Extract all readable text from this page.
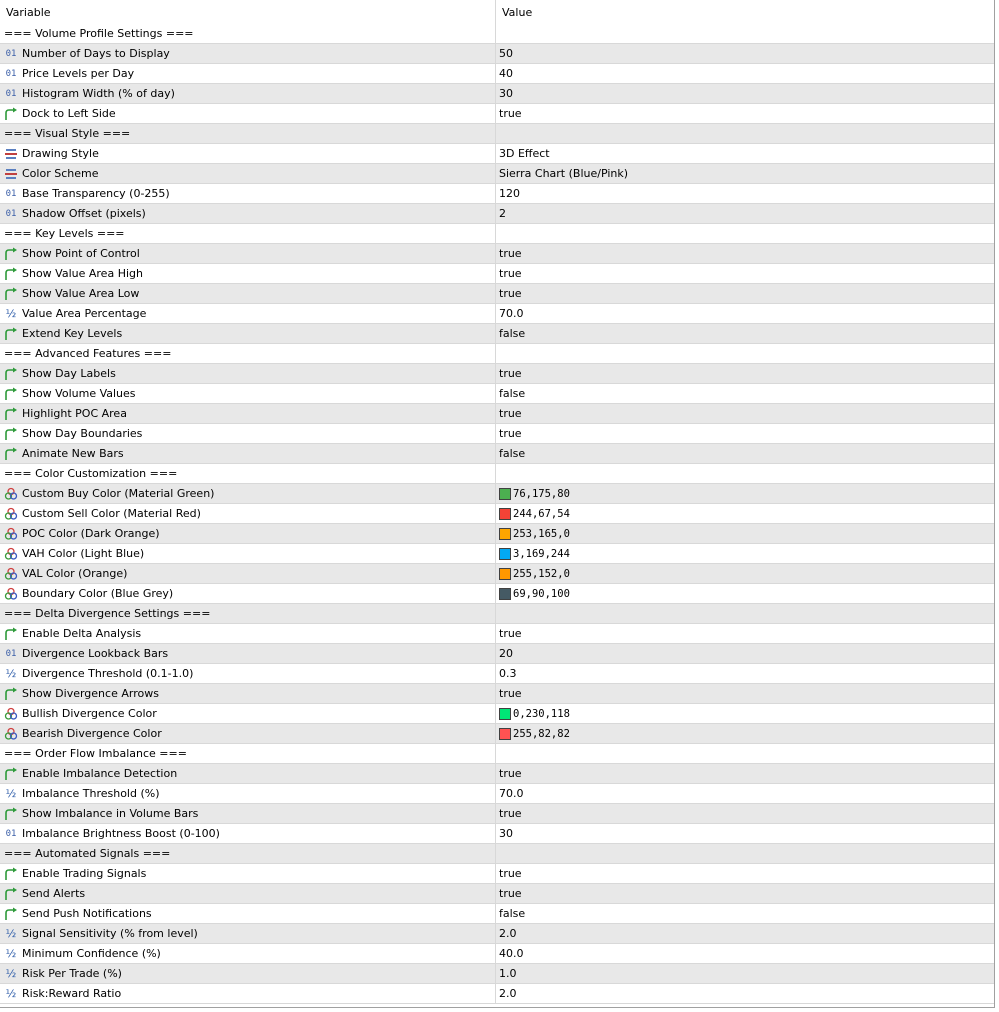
Variable	Value
=== Volume Profile Settings ===
01 Number of Days to Display	50
01 Price Levels per Day	40
01 Histogram Width (% of day)	30
Dock to Left Side	true
=== Visual Style ===
Drawing Style	3D Effect
Color Scheme	Sierra Chart (Blue/Pink)
01 Base Transparency (0-255)	120
01 Shadow Offset (pixels)	2
=== Key Levels ===
Show Point of Control	true
Show Value Area High	true
Show Value Area Low	true
½ Value Area Percentage	70.0
Extend Key Levels	false
=== Advanced Features ===
Show Day Labels	true
Show Volume Values	false
Highlight POC Area	true
Show Day Boundaries	true
Animate New Bars	false
=== Color Customization ===
Custom Buy Color (Material Green)	76,175,80
Custom Sell Color (Material Red)	244,67,54
POC Color (Dark Orange)	253,165,0
VAH Color (Light Blue)	3,169,244
VAL Color (Orange)	255,152,0
Boundary Color (Blue Grey)	69,90,100
=== Delta Divergence Settings ===
Enable Delta Analysis	true
01 Divergence Lookback Bars	20
½ Divergence Threshold (0.1-1.0)	0.3
Show Divergence Arrows	true
Bullish Divergence Color	0,230,118
Bearish Divergence Color	255,82,82
=== Order Flow Imbalance ===
Enable Imbalance Detection	true
½ Imbalance Threshold (%)	70.0
Show Imbalance in Volume Bars	true
01 Imbalance Brightness Boost (0-100)	30
=== Automated Signals ===
Enable Trading Signals	true
Send Alerts	true
Send Push Notifications	false
½ Signal Sensitivity (% from level)	2.0
½ Minimum Confidence (%)	40.0
½ Risk Per Trade (%)	1.0
½ Risk:Reward Ratio	2.0
